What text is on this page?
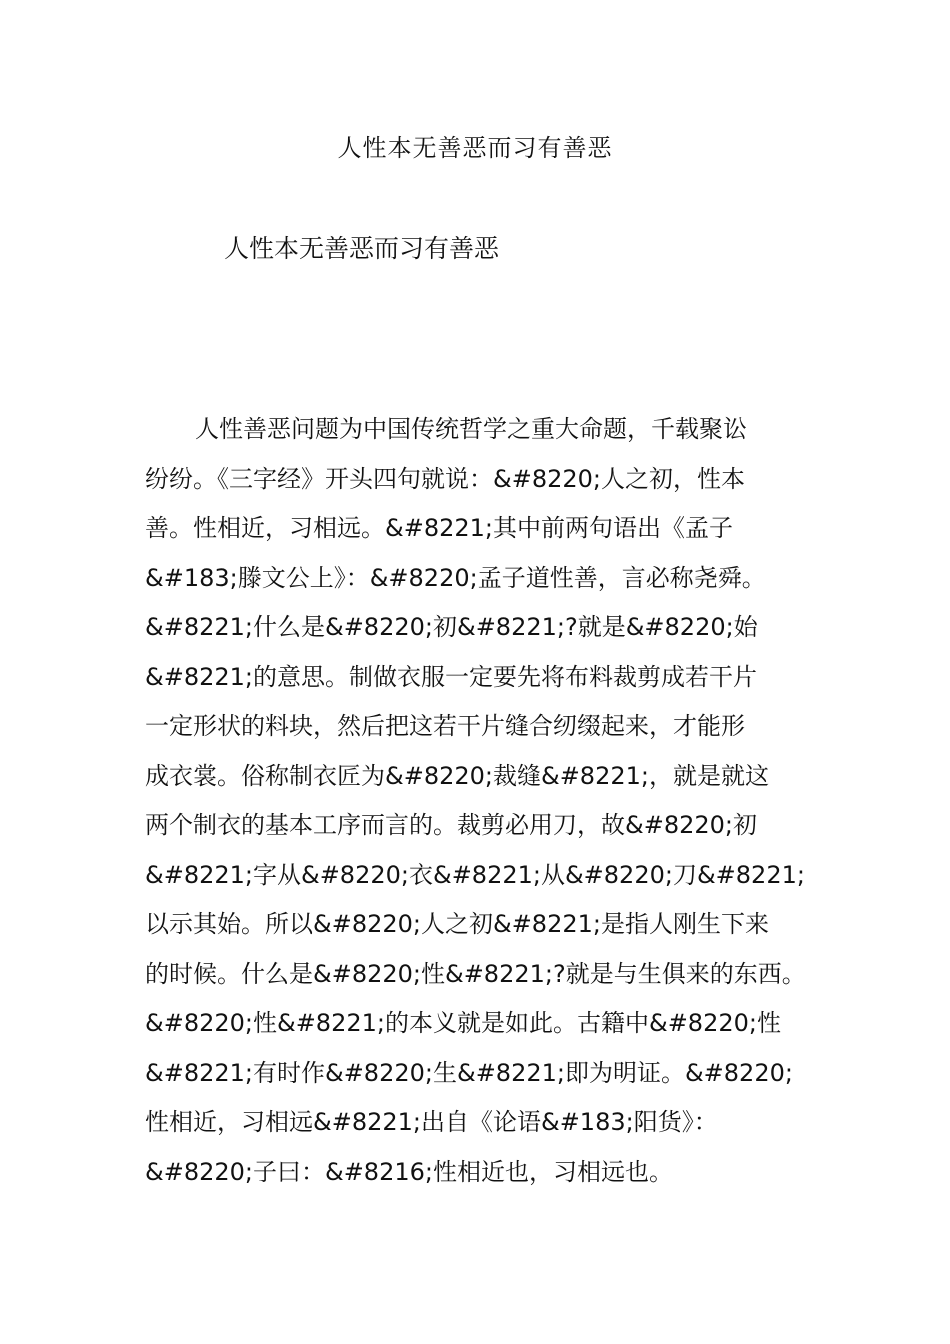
人性本无善恶而习有善恶
人性本无善恶而习有善恶
人性善恶问题为中国传统哲学之重大命题，千载聚讼
纷纷。《三字经》开头四句就说：&#8220;人之初，性本
善。性相近，习相远。&#8221;其中前两句语出《孟子
&#183;滕文公上》：&#8220;孟子道性善，言必称尧舜。
&#8221;什么是&#8220;初&#8221;?就是&#8220;始
&#8221;的意思。制做衣服一定要先将布料裁剪成若干片
一定形状的料块，然后把这若干片缝合纫缀起来，才能形
成衣裳。俗称制衣匠为&#8220;裁缝&#8221;，就是就这
两个制衣的基本工序而言的。裁剪必用刀，故&#8220;初
&#8221;字从&#8220;衣&#8221;从&#8220;刀&#8221;
以示其始。所以&#8220;人之初&#8221;是指人刚生下来
的时候。什么是&#8220;性&#8221;?就是与生俱来的东西。
&#8220;性&#8221;的本义就是如此。古籍中&#8220;性
&#8221;有时作&#8220;生&#8221;即为明证。&#8220;
性相近，习相远&#8221;出自《论语&#183;阳货》：
&#8220;子曰：&#8216;性相近也，习相远也。
